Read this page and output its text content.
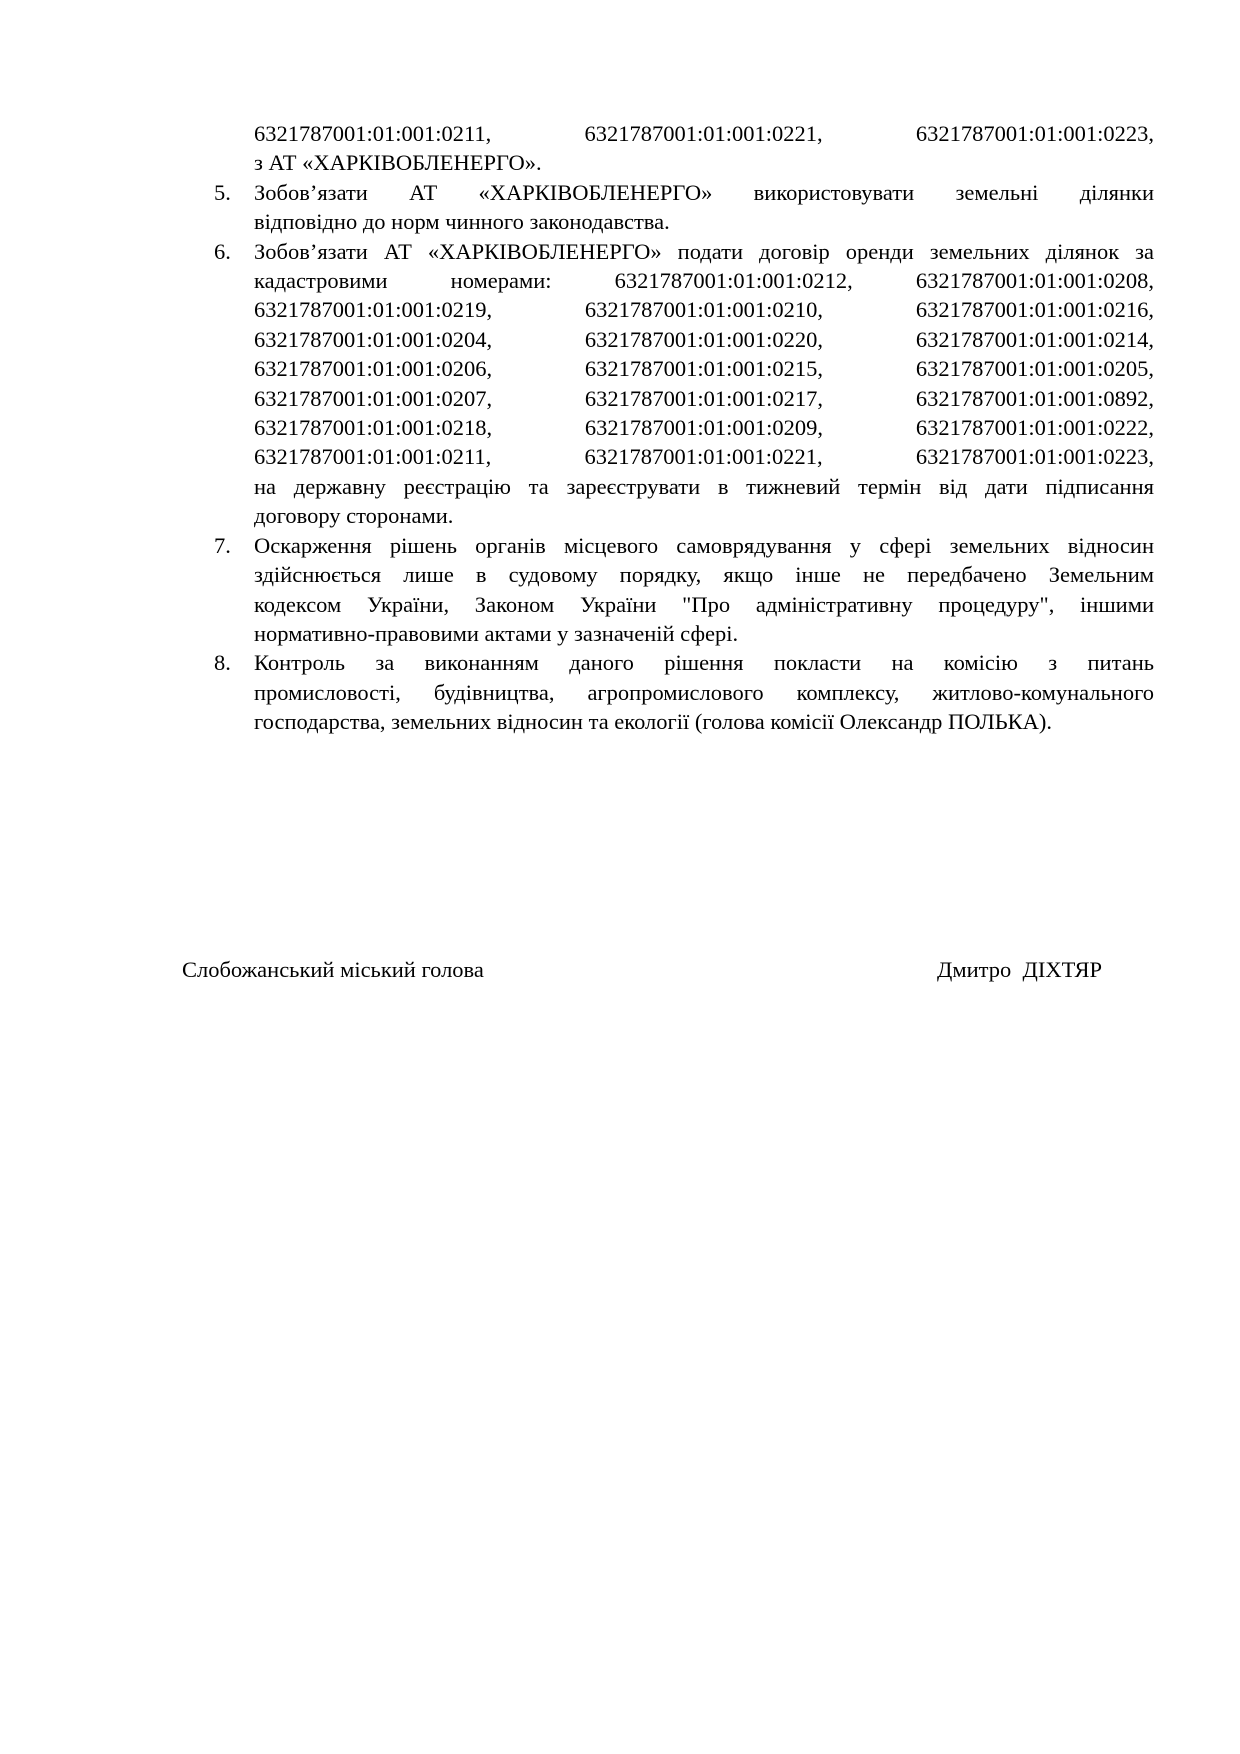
6321787001:01:001:0211, 6321787001:01:001:0221, 6321787001:01:001:0223,
з АТ «ХАРКІВОБЛЕНЕРГО».
5. Зобов’язати АТ «ХАРКІВОБЛЕНЕРГО» використовувати земельні ділянки
відповідно до норм чинного законодавства.
6. Зобов’язати АТ «ХАРКІВОБЛЕНЕРГО» подати договір оренди земельних ділянок за
кадастровими номерами: 6321787001:01:001:0212, 6321787001:01:001:0208,
6321787001:01:001:0219, 6321787001:01:001:0210, 6321787001:01:001:0216,
6321787001:01:001:0204, 6321787001:01:001:0220, 6321787001:01:001:0214,
6321787001:01:001:0206, 6321787001:01:001:0215, 6321787001:01:001:0205,
6321787001:01:001:0207, 6321787001:01:001:0217, 6321787001:01:001:0892,
6321787001:01:001:0218, 6321787001:01:001:0209, 6321787001:01:001:0222,
6321787001:01:001:0211, 6321787001:01:001:0221, 6321787001:01:001:0223,
на державну реєстрацію та зареєструвати в тижневий термін від дати підписання
договору сторонами.
7. Оскарження рішень органів місцевого самоврядування у сфері земельних відносин
здійснюється лише в судовому порядку, якщо інше не передбачено Земельним
кодексом України, Законом України "Про адміністративну процедуру", іншими
нормативно-правовими актами у зазначеній сфері.
8. Контроль за виконанням даного рішення покласти на комісію з питань
промисловості, будівництва, агропромислового комплексу, житлово-комунального
господарства, земельних відносин та екології (голова комісії Олександр ПОЛЬКА).
Слобожанський міський голова	Дмитро  ДІХТЯР
